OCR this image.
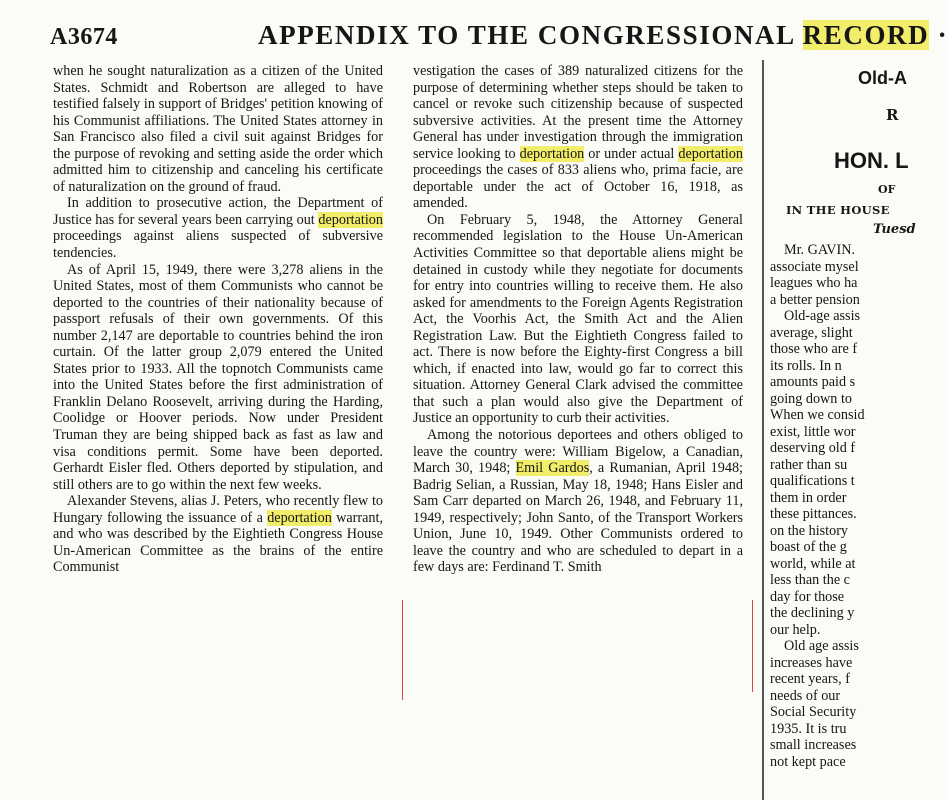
A3674	APPENDIX TO THE CONGRESSIONAL RECORD ·

when he sought naturalization as a citizen of the United States. Schmidt and Robertson are alleged to have testified falsely in support of Bridges' petition knowing of his Communist affiliations. The United States attorney in San Francisco also filed a civil suit against Bridges for the purpose of revoking and setting aside the order which admitted him to citizenship and canceling his certificate of naturalization on the ground of fraud.

In addition to prosecutive action, the Department of Justice has for several years been carrying out deportation proceedings against aliens suspected of subversive tendencies.

As of April 15, 1949, there were 3,278 aliens in the United States, most of them Communists who cannot be deported to the countries of their nationality because of passport refusals of their own governments. Of this number 2,147 are deportable to countries behind the iron curtain. Of the latter group 2,079 entered the United States prior to 1933. All the topnotch Communists came into the United States before the first administration of Franklin Delano Roosevelt, arriving during the Harding, Coolidge or Hoover periods. Now under President Truman they are being shipped back as fast as law and visa conditions permit. Some have been deported. Gerhardt Eisler fled. Others deported by stipulation, and still others are to go within the next few weeks.

Alexander Stevens, alias J. Peters, who recently flew to Hungary following the issuance of a deportation warrant, and who was described by the Eightieth Congress House Un-American Committee as the brains of the entire Communist

vestigation the cases of 389 naturalized citizens for the purpose of determining whether steps should be taken to cancel or revoke such citizenship because of suspected subversive activities. At the present time the Attorney General has under investigation through the immigration service looking to deportation or under actual deportation proceedings the cases of 833 aliens who, prima facie, are deportable under the act of October 16, 1918, as amended.

On February 5, 1948, the Attorney General recommended legislation to the House Un-American Activities Committee so that deportable aliens might be detained in custody while they negotiate for documents for entry into countries willing to receive them. He also asked for amendments to the Foreign Agents Registration Act, the Voorhis Act, the Smith Act and the Alien Registration Law. But the Eightieth Congress failed to act. There is now before the Eighty-first Congress a bill which, if enacted into law, would go far to correct this situation. Attorney General Clark advised the committee that such a plan would also give the Department of Justice an opportunity to curb their activities.

Among the notorious deportees and others obliged to leave the country were: William Bigelow, a Canadian, March 30, 1948; Emil Gardos, a Rumanian, April 1948; Badrig Selian, a Russian, May 18, 1948; Hans Eisler and Sam Carr departed on March 26, 1948, and February 11, 1949, respectively; John Santo, of the Transport Workers Union, June 10, 1949. Other Communists ordered to leave the country and who are scheduled to depart in a few days are: Ferdinand T. Smith

Old-A
R
HON. L
OF
IN THE HOUSE
Tuesd
Mr. GAVIN.
associate mysel
leagues who ha
a better pension
Old-age assis
average, slight
those who are f
its rolls. In n
amounts paid s
going down to
When we consid
exist, little wor
deserving old f
rather than su
qualifications t
them in order
these pittances.
on the history
boast of the g
world, while at
less than the c
day for those
the declining y
our help.
Old age assis
increases have
recent years, f
needs of our
Social Security
1935. It is tru
small increases
not kept pace
